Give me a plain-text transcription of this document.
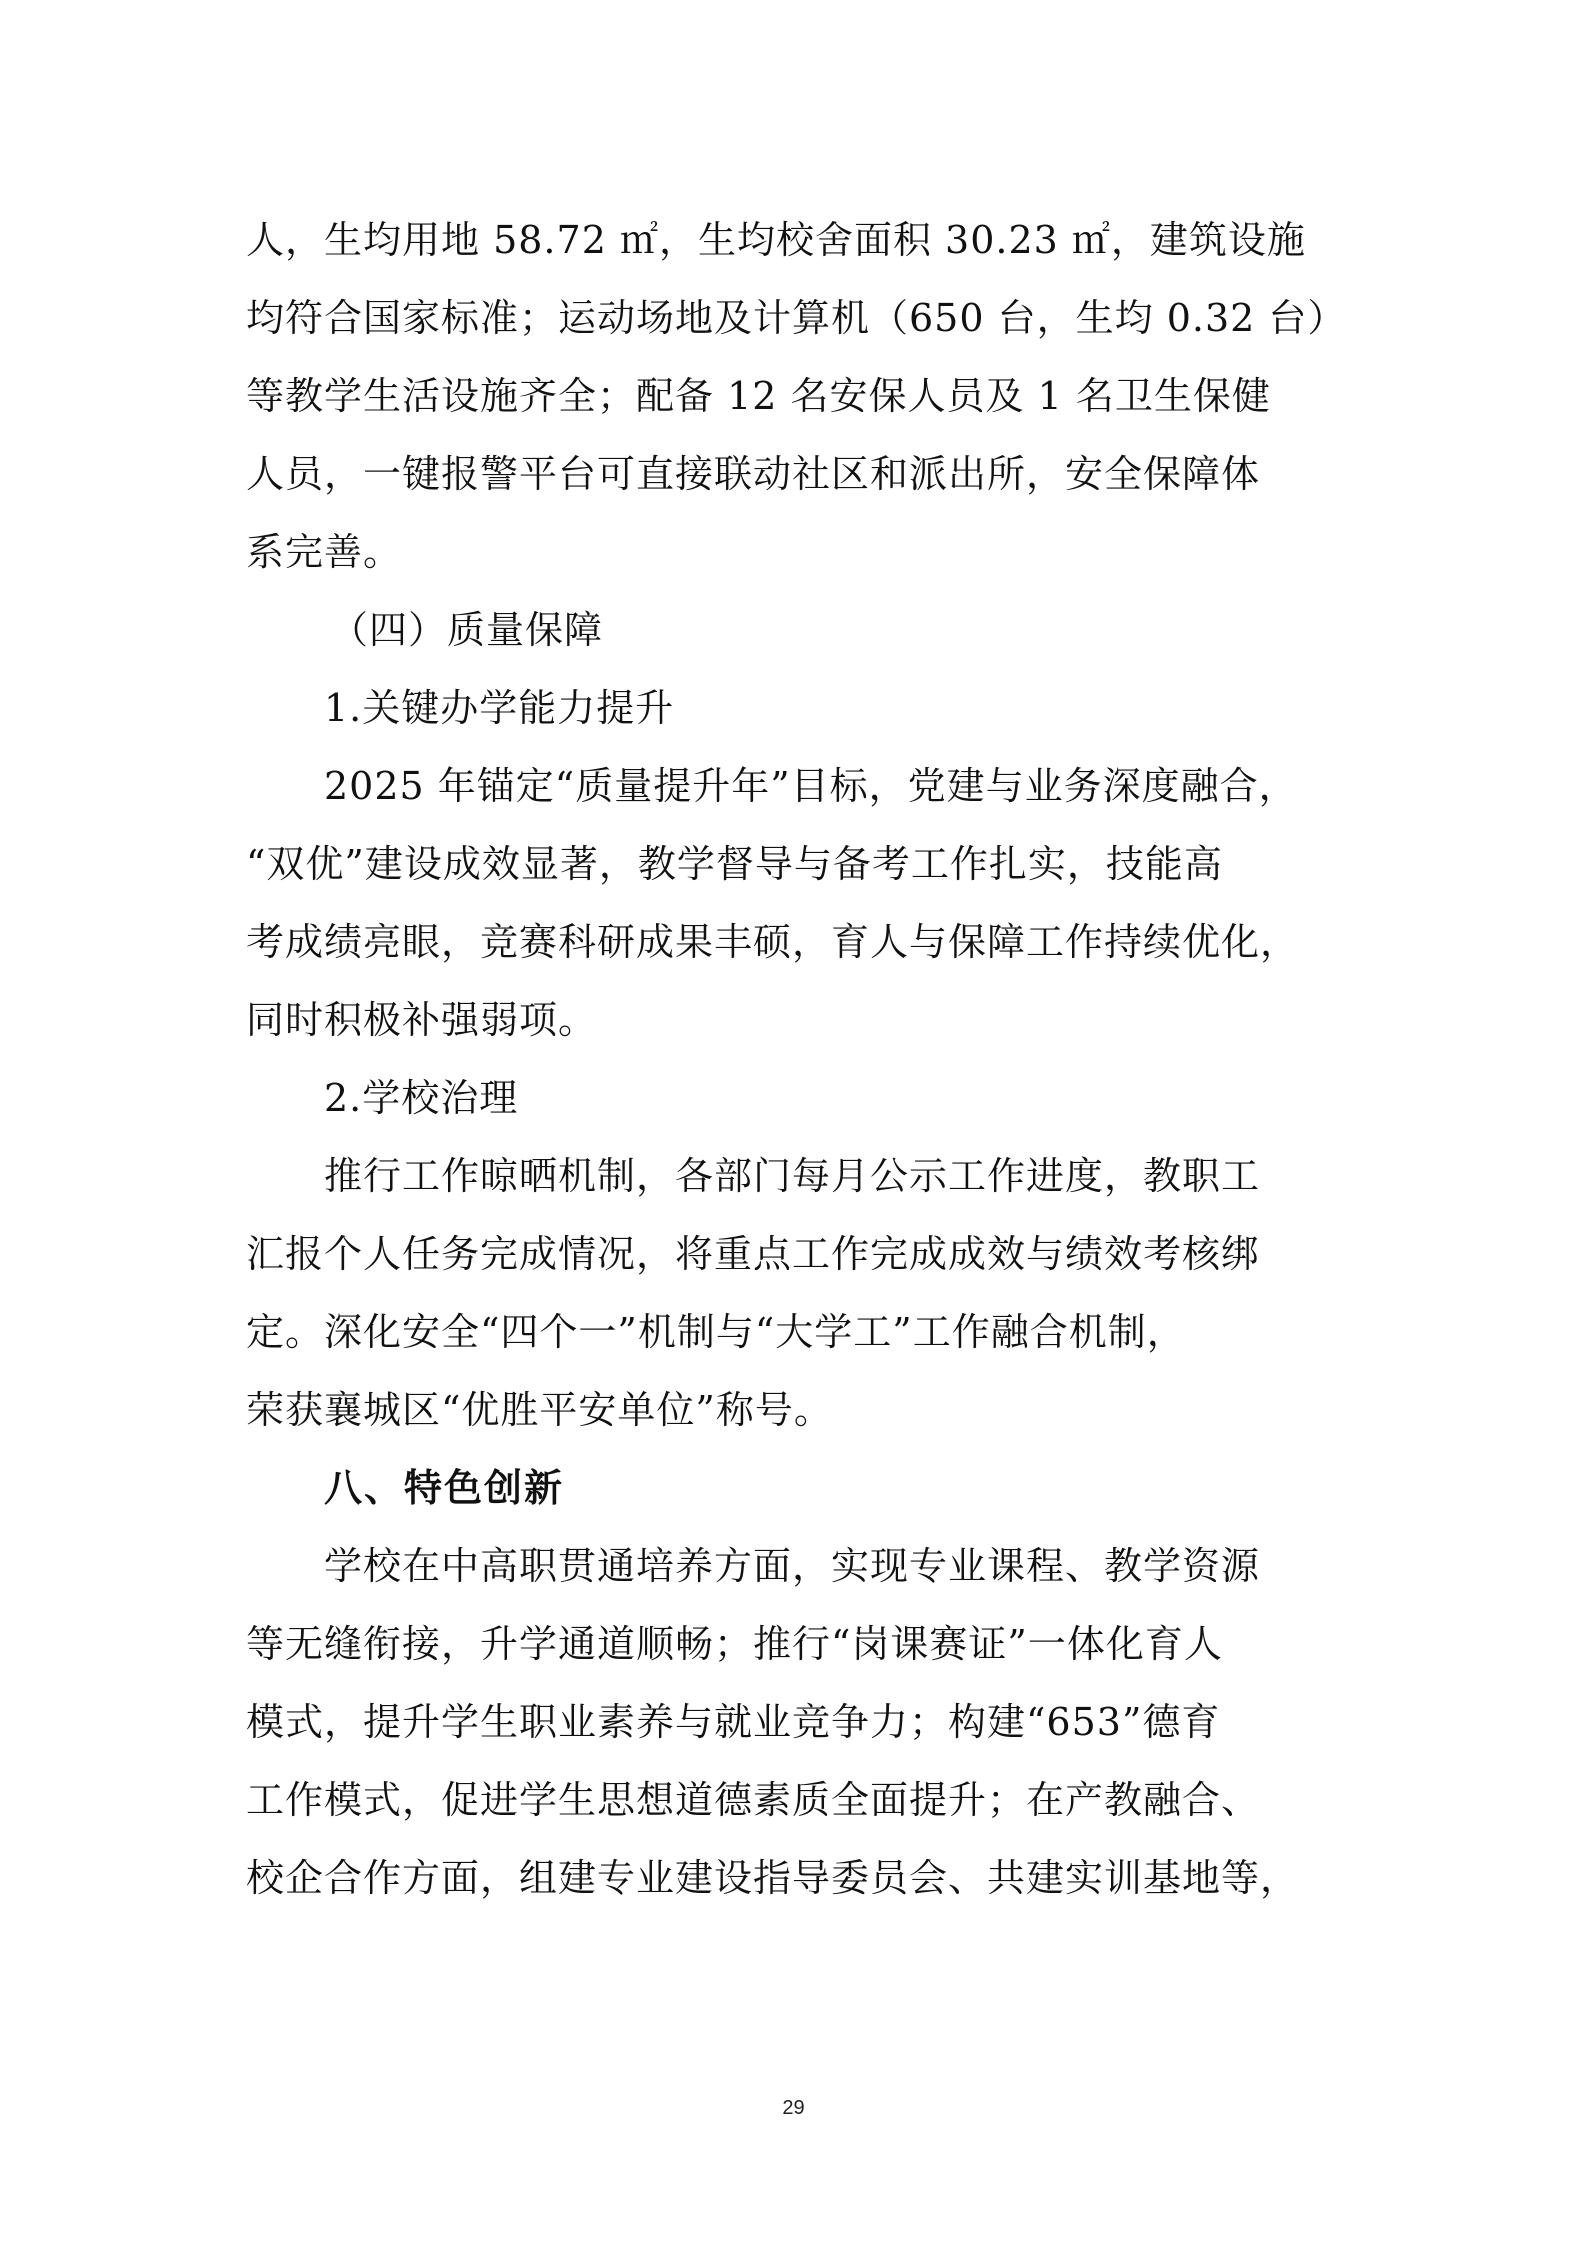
人，生均用地 58.72 ㎡，生均校舍面积 30.23 ㎡，建筑设施
均符合国家标准；运动场地及计算机（650 台，生均 0.32 台）
等教学生活设施齐全；配备 12 名安保人员及 1 名卫生保健
人员，一键报警平台可直接联动社区和派出所，安全保障体
系完善。
（四）质量保障
1.关键办学能力提升
2025 年锚定“质量提升年”目标，党建与业务深度融合，
“双优”建设成效显著，教学督导与备考工作扎实，技能高
考成绩亮眼，竞赛科研成果丰硕，育人与保障工作持续优化，
同时积极补强弱项。
2.学校治理
推行工作晾晒机制，各部门每月公示工作进度，教职工
汇报个人任务完成情况，将重点工作完成成效与绩效考核绑
定。深化安全“四个一”机制与“大学工”工作融合机制，
荣获襄城区“优胜平安单位”称号。
八、特色创新
学校在中高职贯通培养方面，实现专业课程、教学资源
等无缝衔接，升学通道顺畅；推行“岗课赛证”一体化育人
模式，提升学生职业素养与就业竞争力；构建“653”德育
工作模式，促进学生思想道德素质全面提升；在产教融合、
校企合作方面，组建专业建设指导委员会、共建实训基地等，
29
